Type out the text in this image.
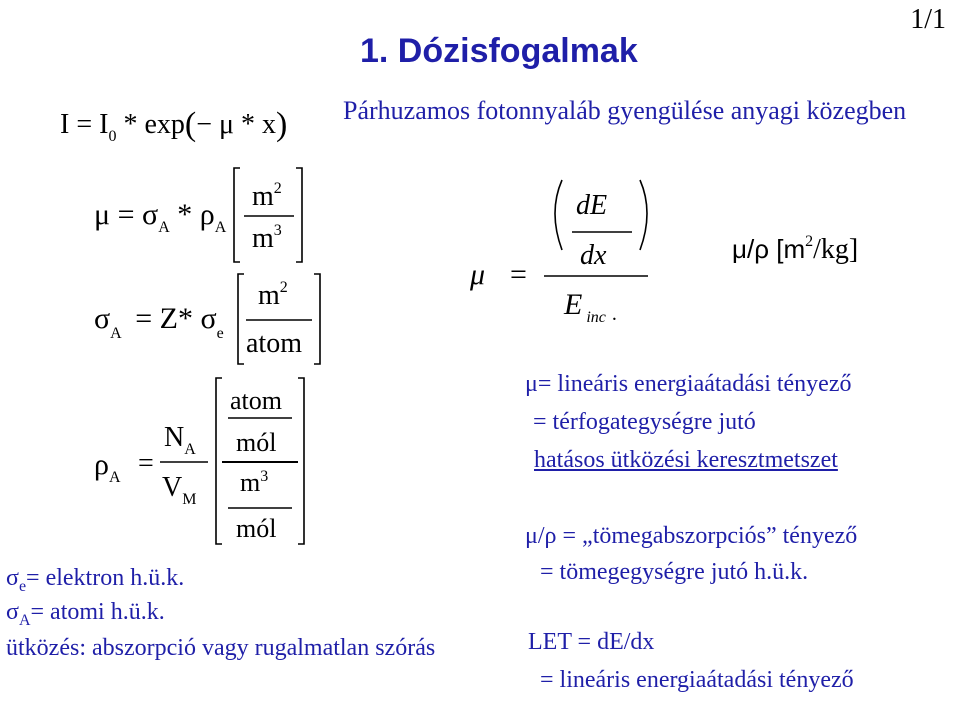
1/1
1. Dózisfogalmak
Párhuzamos fotonnyaláb gyengülése anyagi közegben
$I = I_0 * \exp(- \mu * x)$
$\mu = \sigma_A * \rho_A$
$m^2$
$m^3$
$\sigma_A = Z*$ $\sigma_e$
$m^2$
atom
$\rho_A$ =
$N_A$
$V_M$
atom
mól
$m^3$
mól
μ =
dE
dx
E $_{inc}$ $_.$
μ/ρ $[m^2/kg]$
μ= lineáris energiaátadási tényező
= térfogategységre jutó
hatásos ütközési keresztmetszet
μ/ρ = „tömegabszorpciós” tényező
= tömegegységre jutó h.ü.k.
LET = dE/dx
= lineáris energiaátadási tényező
$\sigma_e=$ elektron h.ü.k.
$\sigma_A=$ atomi h.ü.k.
ütközés: abszorpció vagy rugalmatlan szórás
